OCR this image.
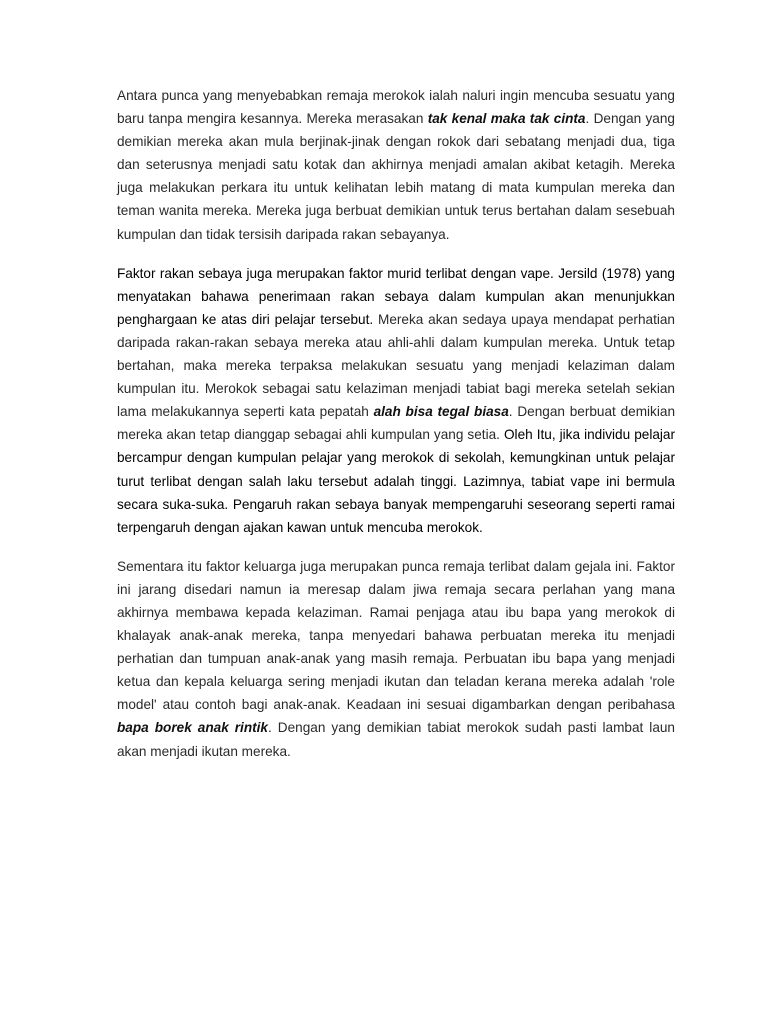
Antara punca yang menyebabkan remaja merokok ialah naluri ingin mencuba sesuatu yang baru tanpa mengira kesannya. Mereka merasakan tak kenal maka tak cinta. Dengan yang demikian mereka akan mula berjinak-jinak dengan rokok dari sebatang menjadi dua, tiga dan seterusnya menjadi satu kotak dan akhirnya menjadi amalan akibat ketagih. Mereka juga melakukan perkara itu untuk kelihatan lebih matang di mata kumpulan mereka dan teman wanita mereka. Mereka juga berbuat demikian untuk terus bertahan dalam sesebuah kumpulan dan tidak tersisih daripada rakan sebayanya.

Faktor rakan sebaya juga merupakan faktor murid terlibat dengan vape. Jersild (1978) yang menyatakan bahawa penerimaan rakan sebaya dalam kumpulan akan menunjukkan penghargaan ke atas diri pelajar tersebut. Mereka akan sedaya upaya mendapat perhatian daripada rakan-rakan sebaya mereka atau ahli-ahli dalam kumpulan mereka. Untuk tetap bertahan, maka mereka terpaksa melakukan sesuatu yang menjadi kelaziman dalam kumpulan itu. Merokok sebagai satu kelaziman menjadi tabiat bagi mereka setelah sekian lama melakukannya seperti kata pepatah alah bisa tegal biasa. Dengan berbuat demikian mereka akan tetap dianggap sebagai ahli kumpulan yang setia. Oleh Itu, jika individu pelajar bercampur dengan kumpulan pelajar yang merokok di sekolah, kemungkinan untuk pelajar turut terlibat dengan salah laku tersebut adalah tinggi. Lazimnya, tabiat vape ini bermula secara suka-suka. Pengaruh rakan sebaya banyak mempengaruhi seseorang seperti ramai terpengaruh dengan ajakan kawan untuk mencuba merokok.

Sementara itu faktor keluarga juga merupakan punca remaja terlibat dalam gejala ini. Faktor ini jarang disedari namun ia meresap dalam jiwa remaja secara perlahan yang mana akhirnya membawa kepada kelaziman. Ramai penjaga atau ibu bapa yang merokok di khalayak anak-anak mereka, tanpa menyedari bahawa perbuatan mereka itu menjadi perhatian dan tumpuan anak-anak yang masih remaja. Perbuatan ibu bapa yang menjadi ketua dan kepala keluarga sering menjadi ikutan dan teladan kerana mereka adalah 'role model' atau contoh bagi anak-anak. Keadaan ini sesuai digambarkan dengan peribahasa bapa borek anak rintik. Dengan yang demikian tabiat merokok sudah pasti lambat laun akan menjadi ikutan mereka.
